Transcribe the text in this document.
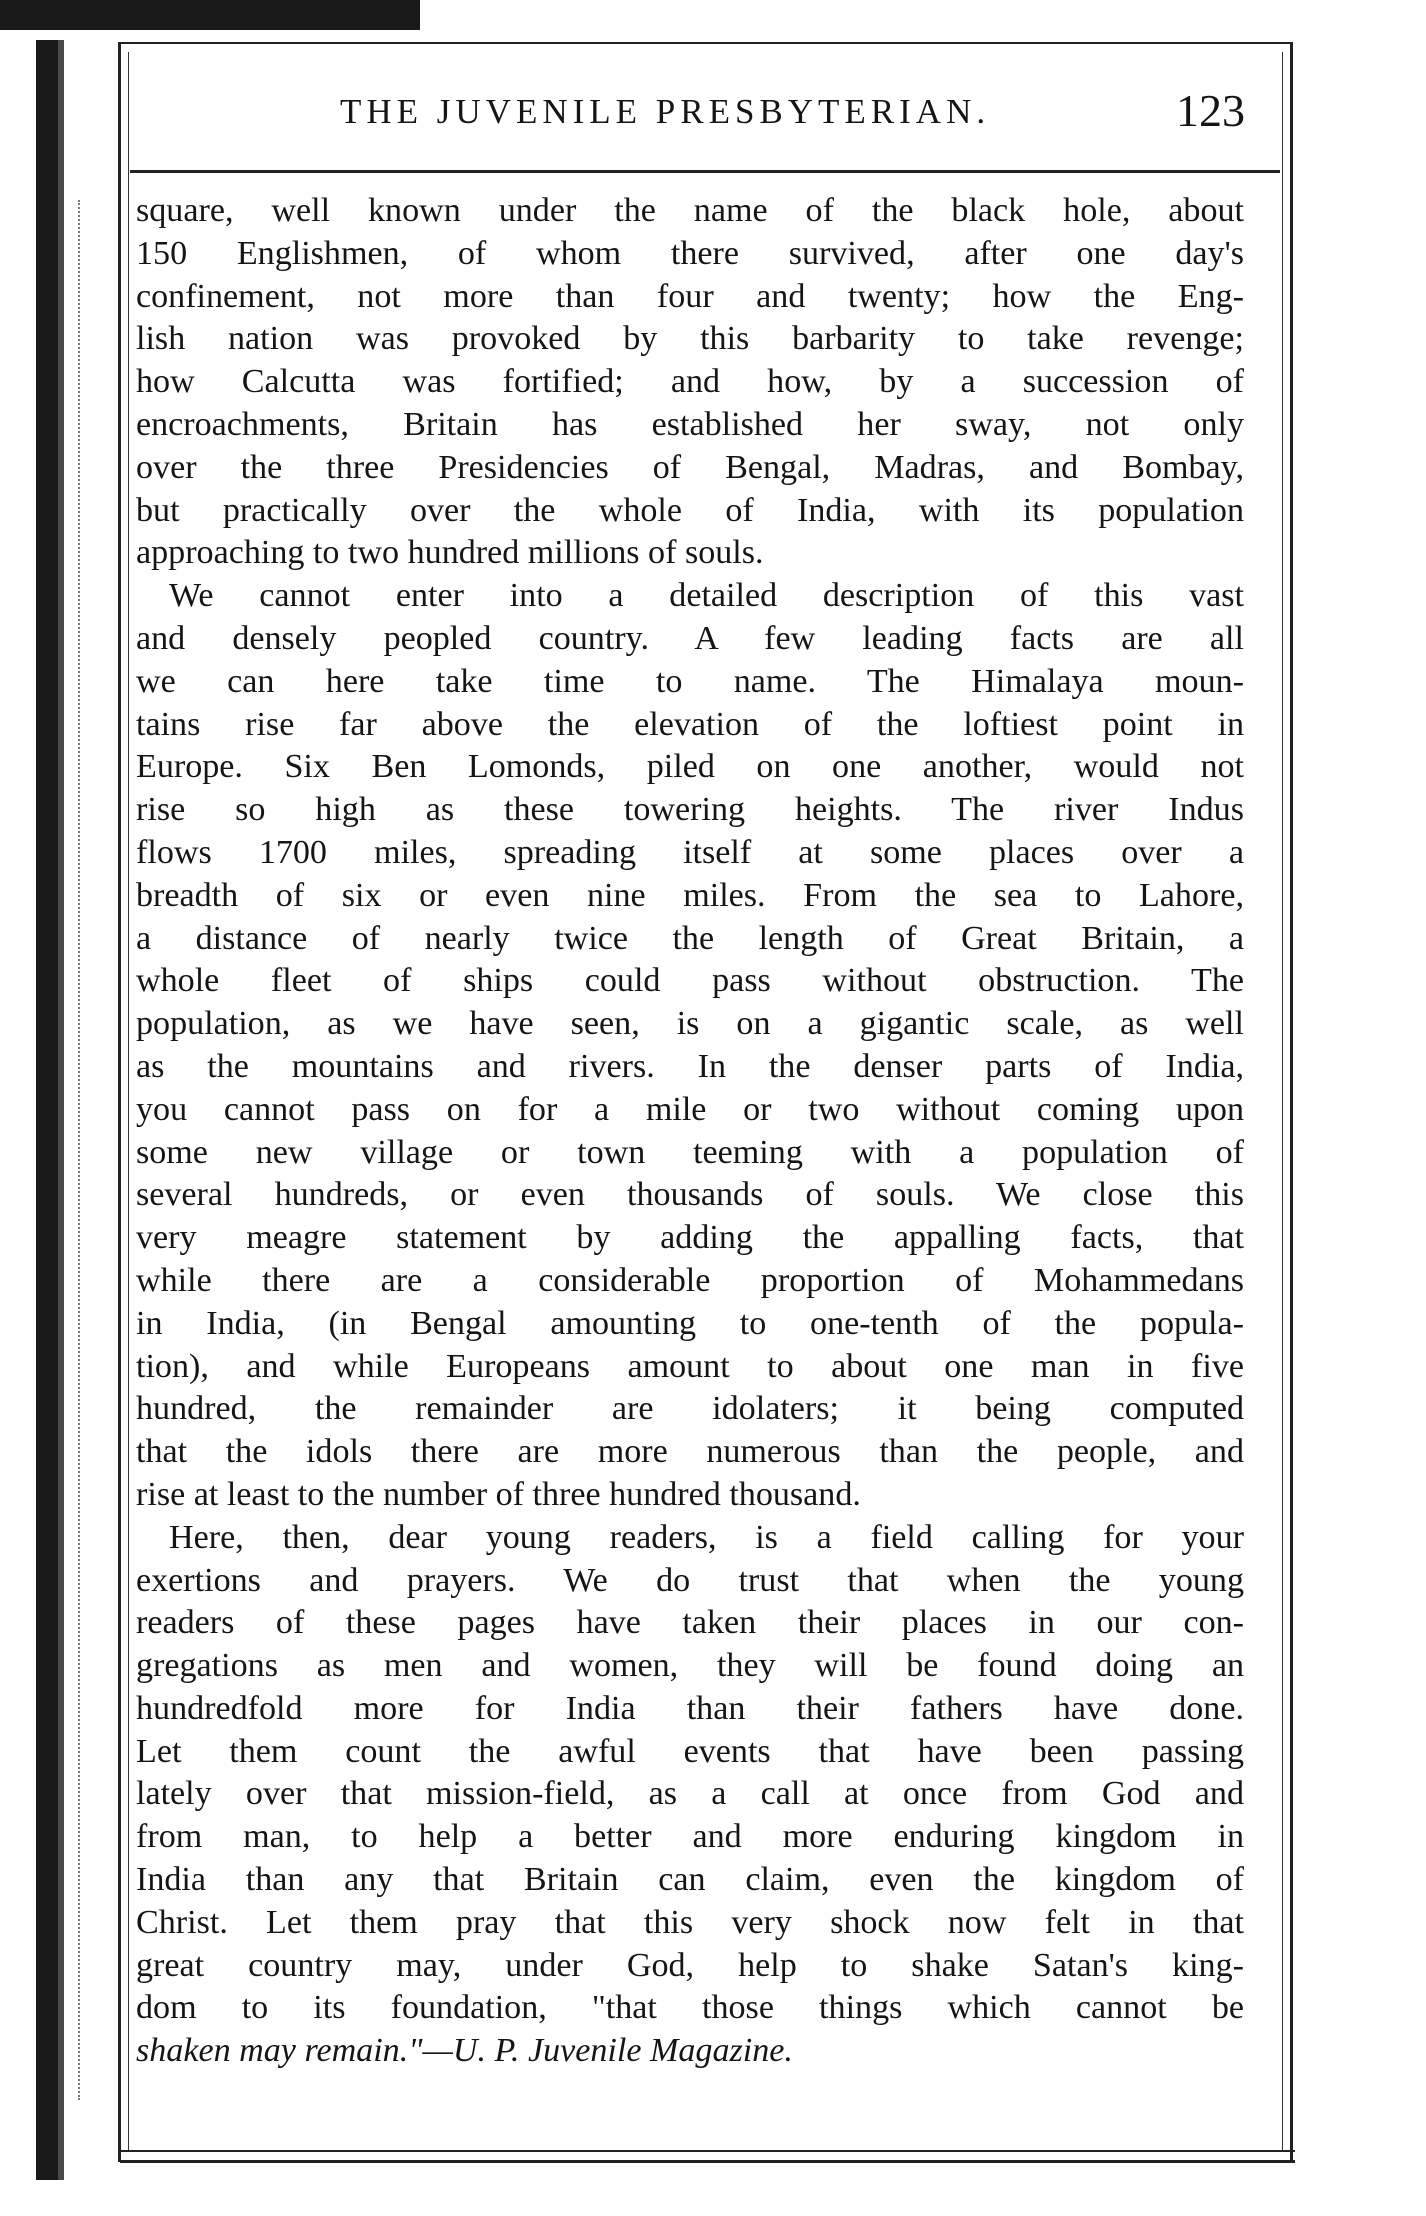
THE JUVENILE PRESBYTERIAN.	123
square, well known under the name of the black hole, about
150 Englishmen, of whom there survived, after one day's
confinement, not more than four and twenty; how the Eng-
lish nation was provoked by this barbarity to take revenge;
how Calcutta was fortified; and how, by a succession of
encroachments, Britain has established her sway, not only
over the three Presidencies of Bengal, Madras, and Bombay,
but practically over the whole of India, with its population
approaching to two hundred millions of souls.
We cannot enter into a detailed description of this vast
and densely peopled country. A few leading facts are all
we can here take time to name. The Himalaya moun-
tains rise far above the elevation of the loftiest point in
Europe. Six Ben Lomonds, piled on one another, would not
rise so high as these towering heights. The river Indus
flows 1700 miles, spreading itself at some places over a
breadth of six or even nine miles. From the sea to Lahore,
a distance of nearly twice the length of Great Britain, a
whole fleet of ships could pass without obstruction. The
population, as we have seen, is on a gigantic scale, as well
as the mountains and rivers. In the denser parts of India,
you cannot pass on for a mile or two without coming upon
some new village or town teeming with a population of
several hundreds, or even thousands of souls. We close this
very meagre statement by adding the appalling facts, that
while there are a considerable proportion of Mohammedans
in India, (in Bengal amounting to one-tenth of the popula-
tion), and while Europeans amount to about one man in five
hundred, the remainder are idolaters; it being computed
that the idols there are more numerous than the people, and
rise at least to the number of three hundred thousand.
Here, then, dear young readers, is a field calling for your
exertions and prayers. We do trust that when the young
readers of these pages have taken their places in our con-
gregations as men and women, they will be found doing an
hundredfold more for India than their fathers have done.
Let them count the awful events that have been passing
lately over that mission-field, as a call at once from God and
from man, to help a better and more enduring kingdom in
India than any that Britain can claim, even the kingdom of
Christ. Let them pray that this very shock now felt in that
great country may, under God, help to shake Satan's king-
dom to its foundation, "that those things which cannot be
shaken may remain."—U. P. Juvenile Magazine.
